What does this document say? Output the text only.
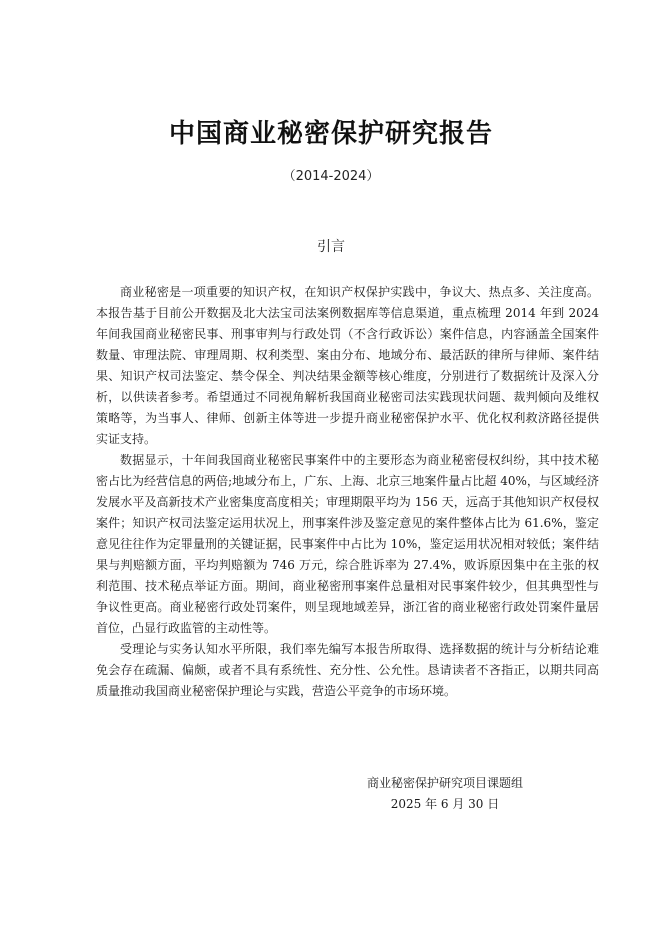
中国商业秘密保护研究报告
（2014-2024）
引言

商业秘密是一项重要的知识产权，在知识产权保护实践中，争议大、热点多、关注度高。本报告基于目前公开数据及北大法宝司法案例数据库等信息渠道，重点梳理 2014 年到 2024 年间我国商业秘密民事、刑事审判与行政处罚（不含行政诉讼）案件信息，内容涵盖全国案件数量、审理法院、审理周期、权利类型、案由分布、地域分布、最活跃的律所与律师、案件结果、知识产权司法鉴定、禁令保全、判决结果金额等核心维度，分别进行了数据统计及深入分析，以供读者参考。希望通过不同视角解析我国商业秘密司法实践现状问题、裁判倾向及维权策略等，为当事人、律师、创新主体等进一步提升商业秘密保护水平、优化权利救济路径提供实证支持。

数据显示，十年间我国商业秘密民事案件中的主要形态为商业秘密侵权纠纷，其中技术秘密占比为经营信息的两倍;地域分布上，广东、上海、北京三地案件量占比超 40%，与区域经济发展水平及高新技术产业密集度高度相关；审理期限平均为 156 天，远高于其他知识产权侵权案件；知识产权司法鉴定运用状况上，刑事案件涉及鉴定意见的案件整体占比为 61.6%，鉴定意见往往作为定罪量刑的关键证据，民事案件中占比为 10%，鉴定运用状况相对较低；案件结果与判赔额方面，平均判赔额为 746 万元，综合胜诉率为 27.4%，败诉原因集中在主张的权利范围、技术秘点举证方面。期间，商业秘密刑事案件总量相对民事案件较少，但其典型性与争议性更高。商业秘密行政处罚案件，则呈现地域差异，浙江省的商业秘密行政处罚案件量居首位，凸显行政监管的主动性等。

受理论与实务认知水平所限，我们率先编写本报告所取得、选择数据的统计与分析结论难免会存在疏漏、偏颇，或者不具有系统性、充分性、公允性。恳请读者不吝指正，以期共同高质量推动我国商业秘密保护理论与实践，营造公平竞争的市场环境。

商业秘密保护研究项目课题组
2025 年 6 月 30 日
